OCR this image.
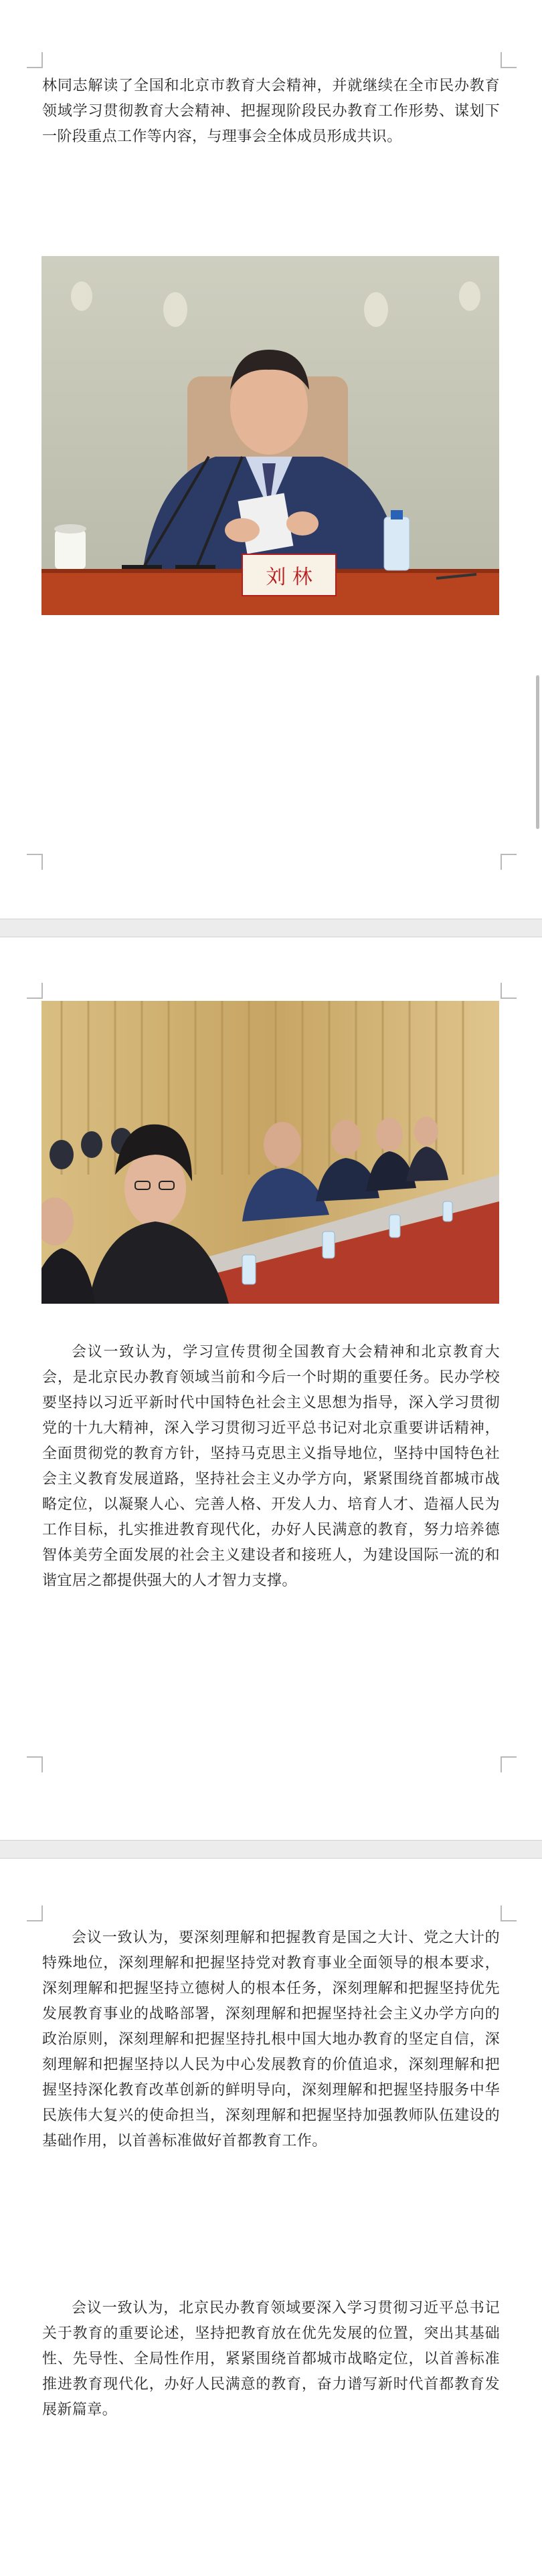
林同志解读了全国和北京市教育大会精神，并就继续在全市民办教育领域学习贯彻教育大会精神、把握现阶段民办教育工作形势、谋划下一阶段重点工作等内容，与理事会全体成员形成共识。

刘 林

会议一致认为，学习宣传贯彻全国教育大会精神和北京教育大会，是北京民办教育领域当前和今后一个时期的重要任务。民办学校要坚持以习近平新时代中国特色社会主义思想为指导，深入学习贯彻党的十九大精神，深入学习贯彻习近平总书记对北京重要讲话精神，全面贯彻党的教育方针，坚持马克思主义指导地位，坚持中国特色社会主义教育发展道路，坚持社会主义办学方向，紧紧围绕首都城市战略定位，以凝聚人心、完善人格、开发人力、培育人才、造福人民为工作目标，扎实推进教育现代化，办好人民满意的教育，努力培养德智体美劳全面发展的社会主义建设者和接班人，为建设国际一流的和谐宜居之都提供强大的人才智力支撑。

会议一致认为，要深刻理解和把握教育是国之大计、党之大计的特殊地位，深刻理解和把握坚持党对教育事业全面领导的根本要求，深刻理解和把握坚持立德树人的根本任务，深刻理解和把握坚持优先发展教育事业的战略部署，深刻理解和把握坚持社会主义办学方向的政治原则，深刻理解和把握坚持扎根中国大地办教育的坚定自信，深刻理解和把握坚持以人民为中心发展教育的价值追求，深刻理解和把握坚持深化教育改革创新的鲜明导向，深刻理解和把握坚持服务中华民族伟大复兴的使命担当，深刻理解和把握坚持加强教师队伍建设的基础作用，以首善标准做好首都教育工作。

会议一致认为，北京民办教育领域要深入学习贯彻习近平总书记关于教育的重要论述，坚持把教育放在优先发展的位置，突出其基础性、先导性、全局性作用，紧紧围绕首都城市战略定位，以首善标准推进教育现代化，办好人民满意的教育，奋力谱写新时代首都教育发展新篇章。
